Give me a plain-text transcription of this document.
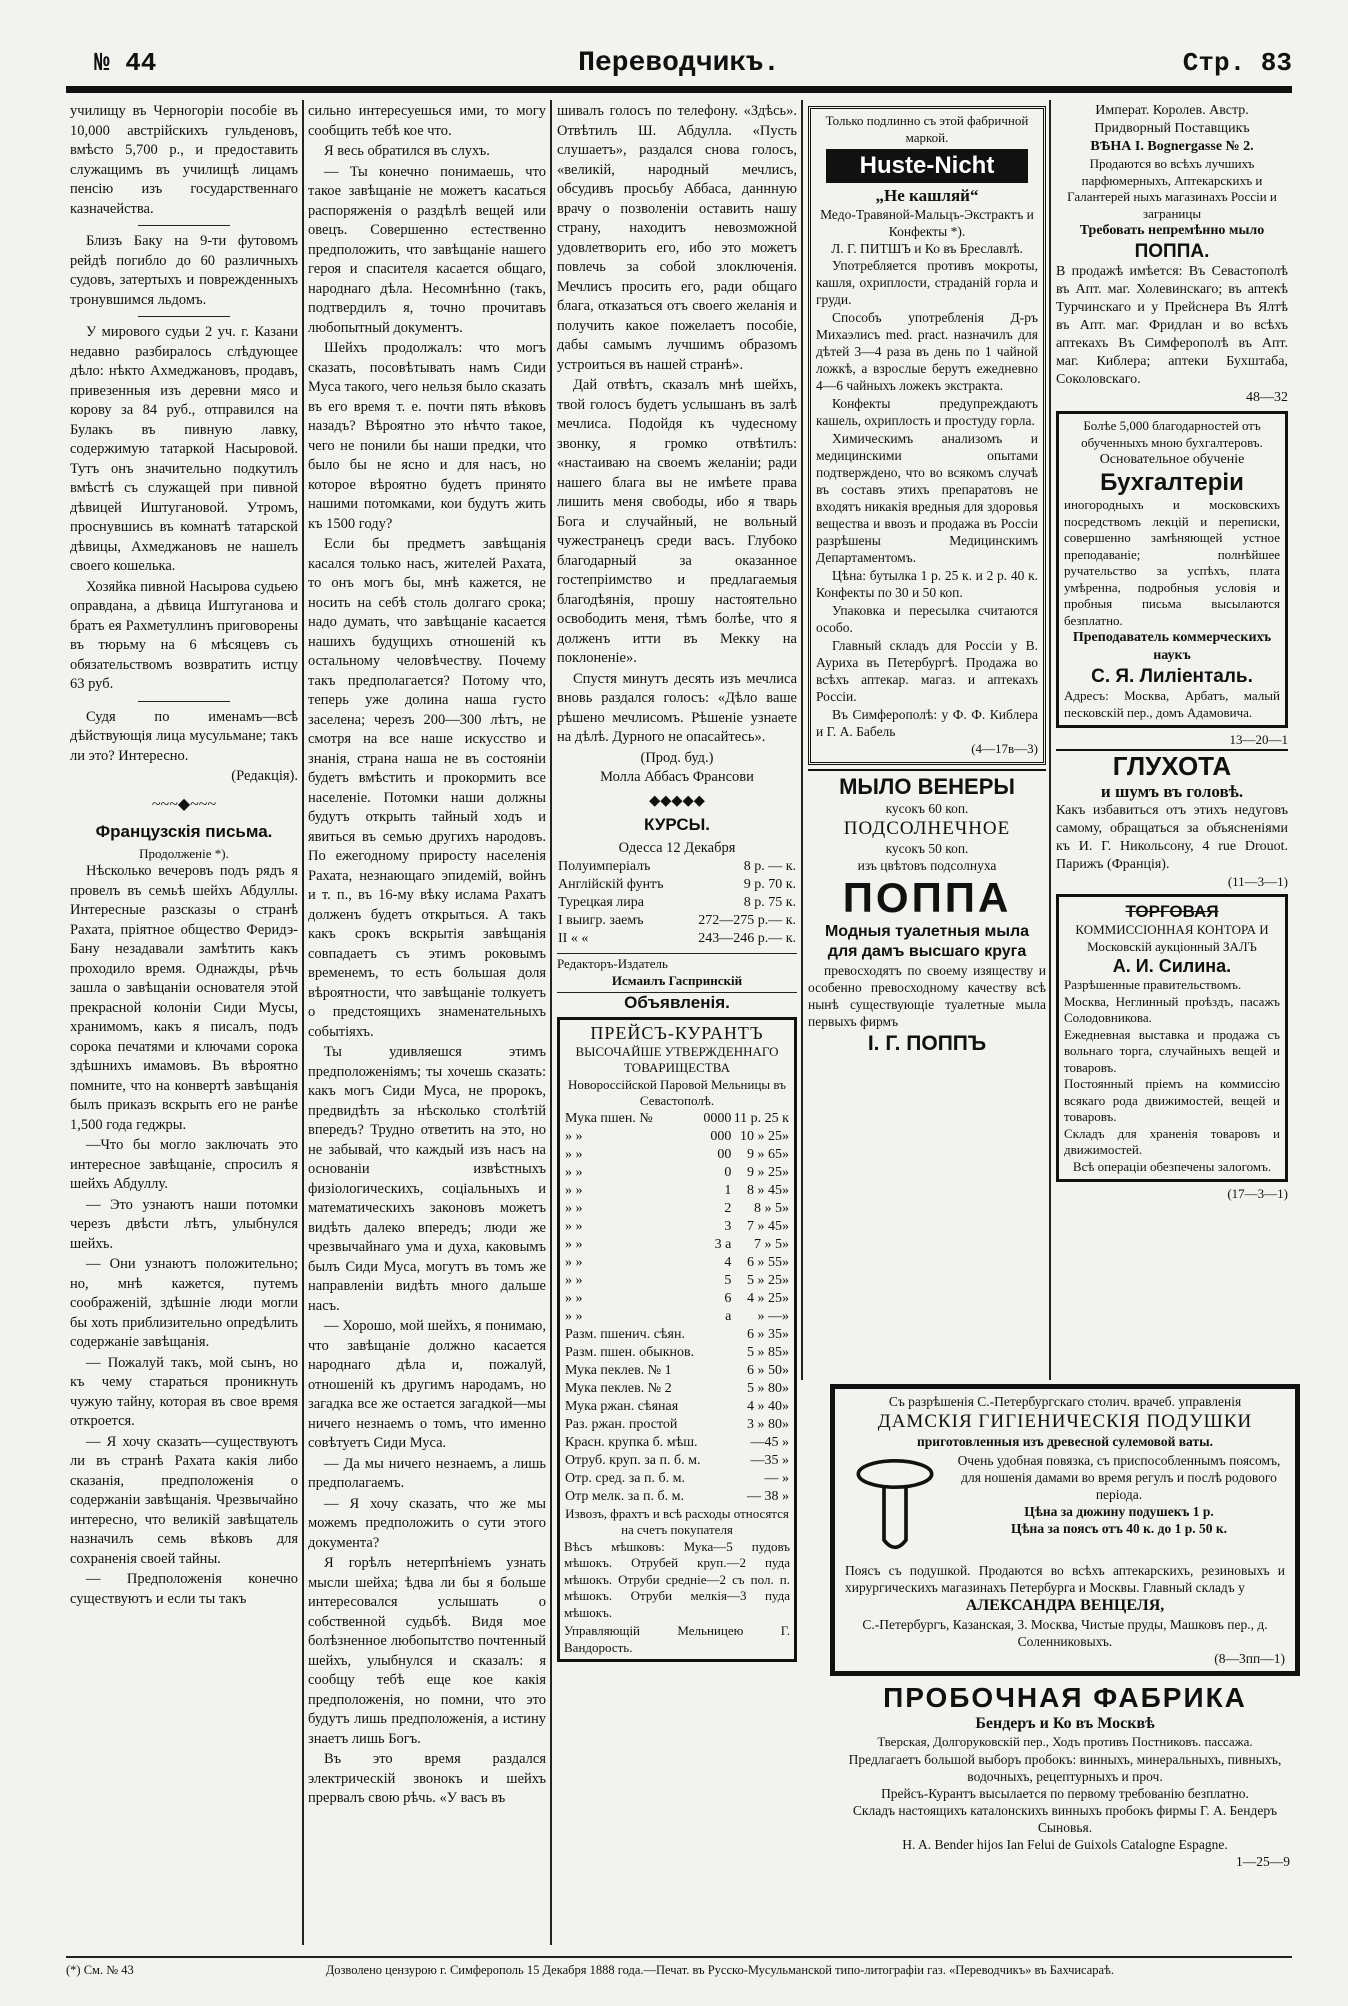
№ 44	Переводчикъ.	Стр. 83

училищу въ Черногоріи пособіе въ 10,000 австрійскихъ гульденовъ, вмѣсто 5,700 р., и предоставить служащимъ въ училищѣ лицамъ пенсію изъ государственнаго казначейства.

Близъ Баку на 9-ти футовомъ рейдѣ погибло до 60 различныхъ судовъ, затертыхъ и поврежденныхъ тронувшимся льдомъ.

У мирового судьи 2 уч. г. Казани недавно разбиралось слѣдующее дѣло: нѣкто Ахмеджановъ, продавъ, привезенныя изъ деревни мясо и корову за 84 руб., отправился на Булакъ въ пивную лавку, содержимую татаркой Насыровой. Тутъ онъ значительно подкутилъ вмѣстѣ съ служащей при пивной дѣвицей Иштугановой. Утромъ, проснувшись въ комнатѣ татарской дѣвицы, Ахмеджановъ не нашелъ своего кошелька.

Хозяйка пивной Насырова судьею оправдана, а дѣвица Иштуганова и братъ ея Рахметуллинъ приговорены въ тюрьму на 6 мѣсяцевъ съ обязательствомъ возвратить истцу 63 руб.

Судя по именамъ—всѣ дѣйствующія лица мусульмане; такъ ли это? Интересно.

(Редакція).
~~~◆~~~
Французскія письма.
Продолженіе *).

Нѣсколько вечеровъ подъ рядъ я провелъ въ семьѣ шейхъ Абдуллы. Интересные разсказы о странѣ Рахата, пріятное общество Феридэ-Бану незадавали замѣтить какъ проходило время. Однажды, рѣчь зашла о завѣщаніи основателя этой прекрасной колоніи Сиди Мусы, хранимомъ, какъ я писалъ, подъ сорока печатями и ключами сорока здѣшнихъ имамовъ. Въ вѣроятно помните, что на конвертѣ завѣщанія былъ приказъ вскрыть его не ранѣе 1,500 года геджры.

—Что бы могло заключать это интересное завѣщаніе, спросилъ я шейхъ Абдуллу.

— Это узнаютъ наши потомки черезъ двѣсти лѣтъ, улыбнулся шейхъ.

— Они узнаютъ положительно; но, мнѣ кажется, путемъ соображеній, здѣшніе люди могли бы хоть приблизительно опредѣлить содержаніе завѣщанія.

— Пожалуй такъ, мой сынъ, но къ чему стараться проникнуть чужую тайну, которая въ свое время откроется.

— Я хочу сказать—существуютъ ли въ странѣ Рахата какія либо сказанія, предположенія о содержаніи завѣщанія. Чрезвычайно интересно, что великій завѣщатель назначилъ семь вѣковъ для сохраненія своей тайны.

— Предположенія конечно существуютъ и если ты такъ

сильно интересуешься ими, то могу сообщить тебѣ кое что.

Я весь обратился въ слухъ.

— Ты конечно понимаешь, что такое завѣщаніе не можетъ касаться распоряженія о раздѣлѣ вещей или овецъ. Совершенно естественно предположить, что завѣщаніе нашего героя и спасителя касается общаго, народнаго дѣла. Несомнѣнно (такъ, подтвердилъ я, точно прочитавъ любопытный документъ.

Шейхъ продолжалъ: что могъ сказать, посовѣтывать намъ Сиди Муса такого, чего нельзя было сказать въ его время т. е. почти пять вѣковъ назадъ? Вѣроятно это нѣчто такое, чего не понили бы наши предки, что было бы не ясно и для насъ, но которое вѣроятно будетъ принято нашими потомками, кои будутъ жить къ 1500 году?

Если бы предметъ завѣщанія касался только насъ, жителей Рахата, то онъ могъ бы, мнѣ кажется, не носить на себѣ столь долгаго срока; надо думать, что завѣщаніе касается нашихъ будущихъ отношеній къ остальному человѣчеству. Почему такъ предполагается? Потому что, теперь уже долина наша густо заселена; черезъ 200—300 лѣтъ, не смотря на все наше искусство и знанія, страна наша не въ состояніи будетъ вмѣстить и прокормить все населеніе. Потомки наши должны будутъ открыть тайный ходъ и явиться въ семью другихъ народовъ. По ежегодному приросту населенія Рахата, незнающаго эпидемій, войнъ и т. п., въ 16-му вѣку ислама Рахатъ долженъ будетъ открыться. А такъ какъ срокъ вскрытія завѣщанія совпадаетъ съ этимъ роковымъ временемъ, то есть большая доля вѣроятности, что завѣщаніе толкуетъ о предстоящихъ знаменательныхъ событіяхъ.

Ты удивляешся этимъ предположеніямъ; ты хочешь сказать: какъ могъ Сиди Муса, не пророкъ, предвидѣть за нѣсколько столѣтій впередъ? Трудно ответить на это, но не забывай, что каждый изъ насъ на основаніи извѣстныхъ физіологическихъ, соціальныхъ и математическихъ законовъ можетъ видѣть далеко впередъ; люди же чрезвычайнаго ума и духа, каковымъ былъ Сиди Муса, могутъ въ томъ же направленіи видѣть много дальше насъ.

— Хорошо, мой шейхъ, я понимаю, что завѣщаніе должно касается народнаго дѣла и, пожалуй, отношеній къ другимъ народамъ, но загадка все же остается загадкой—мы ничего незнаемъ о томъ, что именно совѣтуетъ Сиди Муса.

— Да мы ничего незнаемъ, а лишь предполагаемъ.

— Я хочу сказать, что же мы можемъ предположить о сути этого документа?

Я горѣлъ нетерпѣніемъ узнать мысли шейха; ѣдва ли бы я больше интересовался услышать о собственной судьбѣ. Видя мое болѣзненное любопытство почтенный шейхъ, улыбнулся и сказалъ: я сообщу тебѣ еще кое какія предположенія, но помни, что это будутъ лишь предположенія, а истину знаетъ лишь Богъ.

Въ это время раздался электрическій звонокъ и шейхъ прервалъ свою рѣчь. «У васъ въ

шивалъ голосъ по телефону. «Здѣсь». Отвѣтилъ Ш. Абдулла. «Пусть слушаетъ», раздался снова голосъ, «великій, народный мечлисъ, обсудивъ просьбу Аббаса, даннную врачу о позволеніи оставить нашу страну, находитъ невозможной удовлетворить его, ибо это можетъ повлечь за собой злоключенія. Мечлисъ просить его, ради общаго блага, отказаться отъ своего желанія и получить какое пожелаетъ пособіе, дабы самымъ лучшимъ образомъ устроиться въ нашей странѣ».

Дай отвѣтъ, сказалъ мнѣ шейхъ, твой голосъ будетъ услышанъ въ залѣ мечлиса. Подойдя къ чудесному звонку, я громко отвѣтилъ: «настаиваю на своемъ желаніи; ради нашего блага вы не имѣете права лишить меня свободы, ибо я тварь Бога и случайный, не вольный чужестранецъ среди васъ. Глубоко благодарный за оказанное гостепріимство и предлагаемыя благодѣянія, прошу настоятельно освободить меня, тѣмъ болѣе, что я долженъ итти въ Мекку на поклоненіе».

Спустя минутъ десять изъ мечлиса вновь раздался голосъ: «Дѣло ваше рѣшено мечлисомъ. Рѣшеніе узнаете на дѣлѣ. Дурного не опасайтесь».

(Прод. буд.)
Молла Аббасъ Франсови
◆◆◆◆◆
КУРСЫ.
Одесса 12 Декабря
Полуимперіалъ	8 р. — к.
Англійскій фунтъ	9 р. 70 к.
Турецкая лира	8 р. 75 к.
I выигр. заемъ	272—275 р.— к.
II « «	243—246 р.— к.
Редакторъ-Издатель
Исмаилъ Гаспринскій
Объявленія.
ПРЕЙСЪ-КУРАНТЪ
ВЫСОЧАЙШЕ УТВЕРЖДЕННАГО ТОВАРИЩЕСТВА
Новороссійской Паровой Мельницы въ Севастополѣ.
Мука пшен. №	0000	11 р. 25 к
» »	000	10 » 25»
» »	00	9 » 65»
» »	0	9 » 25»
» »	1	8 » 45»
» »	2	8 » 5»
» »	3	7 » 45»
» »	3 а	7 » 5»
» »	4	6 » 55»
» »	5	5 » 25»
» »	6	4 » 25»
» »	а	» —»
Разм. пшенич. сѣян.		6 » 35»
Разм. пшен. обыкнов.		5 » 85»
Мука пеклев. № 1		6 » 50»
Мука пеклев. № 2		5 » 80»
Мука ржан. сѣяная		4 » 40»
Раз. ржан. простой		3 » 80»
Красн. крупка б. мѣш.		—45 »
Отруб. круп. за п. б. м.		—35 »
Отр. сред. за п. б. м.		— »
Отр мелк. за п. б. м.		— 38 »
Извозъ, фрахтъ и всѣ расходы относятся на счетъ покупателя
Вѣсъ мѣшковъ: Мука—5 пудовъ мѣшокъ. Отрубей круп.—2 пуда мѣшокъ. Отруби средніе—2 съ пол. п. мѣшокъ. Отруби мелкія—3 пуда мѣшокъ.
Управляющій Мельницею Г. Вандорость.
Только подлинно съ этой фабричной маркой.
Huste-Nicht
„Не кашляй“
Медо-Травяной-Мальцъ-Экстрактъ и Конфекты *).
Л. Г. ПИТШЪ и Ко въ Бреславлѣ.

Употребляется противъ мокроты, кашля, охриплости, страданій горла и груди.

Способъ употребленія Д-ръ Михаэлисъ med. pract. назначилъ для дѣтей 3—4 раза въ день по 1 чайной ложкѣ, а взрослые берутъ ежедневно 4—6 чайныхъ ложекъ экстракта.

Конфекты предупреждаютъ кашель, охриплость и простуду горла.

Химическимъ анализомъ и медицинскими опытами подтверждено, что во всякомъ случаѣ въ составъ этихъ препаратовъ не входятъ никакія вредныя для здоровья вещества и ввозъ и продажа въ Россіи разрѣшены Медицинскимъ Департаментомъ.

Цѣна: бутылка 1 р. 25 к. и 2 р. 40 к. Конфекты по 30 и 50 коп.

Упаковка и пересылка считаются особо.

Главный складъ для Россіи у В. Ауриха въ Петербургѣ. Продажа во всѣхъ аптекар. магаз. и аптекахъ Россіи.

Въ Симферополѣ: у Ф. Ф. Киблера и Г. А. Бабель

(4—17в—3)
МЫЛО ВЕНЕРЫ
кусокъ 60 коп.
ПОДСОЛНЕЧНОЕ
кусокъ 50 коп.
изъ цвѣтовъ подсолнуха
ПОППА
Модныя туалетныя мыла для дамъ высшаго круга

превосходятъ по своему изяществу и особенно превосходному качеству всѣ нынѣ существующіе туалетные мыла первыхъ фирмъ

I. Г. ПОППЪ
Императ. Королев. Австр. Придворный Поставщикъ
ВѢНА I. Bognergasse № 2.
Продаются во всѣхъ лучшихъ парфюмерныхъ, Аптекарскихъ и Галантерей ныхъ магазинахъ Россіи и заграницы
Требовать непремѣнно мыло
ПОППА.
В продажѣ имѣется: Въ Севастополѣ въ Апт. маг. Холевинскаго; въ аптекѣ Турчинскаго и у Прейснера Въ Ялтѣ въ Апт. маг. Фридлан и во всѣхъ аптекахъ Въ Симферополѣ въ Апт. маг. Киблера; аптеки Бухштаба, Соколовскаго.
48—32
Болѣе 5,000 благодарностей отъ обученныхъ мною бухгалтеровъ.
Основательное обученіе
Бухгалтеріи
иногородныхъ и московскихъ посредствомъ лекцій и переписки, совершенно замѣняющей устное преподаваніе; полнѣйшее ручательство за успѣхъ, плата умѣренна, подробныя условія и пробныя письма высылаются безплатно.
Преподаватель коммерческихъ наукъ
С. Я. Лиліенталь.
Адресъ: Москва, Арбатъ, малый песковскій пер., домъ Адамовича.
13—20—1
ГЛУХОТА
и шумъ въ головѣ.
Какъ избавиться отъ этихъ недуговъ самому, обращаться за объясненіями къ И. Г. Никольсону, 4 rue Drouot. Парижъ (Франція).
(11—3—1)
ТОРГОВАЯ
КОММИССІОННАЯ КОНТОРА И Московскій аукціонный ЗАЛЪ
А. И. Силина.
Разрѣшенные правительствомъ.
Москва, Неглинный проѣздъ, пасажъ Солодовникова.
Ежедневная выставка и продажа съ вольнаго торга, случайныхъ вещей и товаровъ.
Постоянный пріемъ на коммиссію всякаго рода движимостей, вещей и товаровъ.
Складъ для храненія товаровъ и движимостей.
Всѣ операціи обезпечены залогомъ.
(17—3—1)
Съ разрѣшенія С.-Петербургскаго столич. врачеб. управленія
ДАМСКІЯ ГИГІЕНИЧЕСКІЯ ПОДУШКИ
приготовленныя изъ древесной сулемовой ваты.
Очень удобная повязка, съ приспособленнымъ поясомъ, для ношенія дамами во время регулъ и послѣ родового періода.
Цѣна за дюжину подушекъ 1 р.
Цѣна за поясъ отъ 40 к. до 1 р. 50 к.
Поясъ съ подушкой. Продаются во всѣхъ аптекарскихъ, резиновыхъ и хирургическихъ магазинахъ Петербурга и Москвы. Главный складъ у
АЛЕКСАНДРА ВЕНЦЕЛЯ,
С.-Петербургъ, Казанская, 3. Москва, Чистые пруды, Машковъ пер., д. Соленниковыхъ.
(8—3пп—1)
ПРОБОЧНАЯ ФАБРИКА
Бендеръ и Ко въ Москвѣ
Тверская, Долгоруковскій пер., Ходъ противъ Постниковъ. пассажа.
Предлагаетъ большой выборъ пробокъ: винныхъ, минеральныхъ, пивныхъ, водочныхъ, рецептурныхъ и проч.
Прейсъ-Курантъ высылается по первому требованію безплатно.
Складъ настоящихъ каталонскихъ винныхъ пробокъ фирмы Г. А. Бендеръ Сыновья.
H. A. Bender hijos Ian Felui de Guixols Catalogne Espagne.
1—25—9
(*) См. № 43	Дозволено цензурою г. Симферополь 15 Декабря 1888 года.—Печат. въ Русско-Мусульманской типо-литографіи газ. «Переводчикъ» въ Бахчисараѣ.
